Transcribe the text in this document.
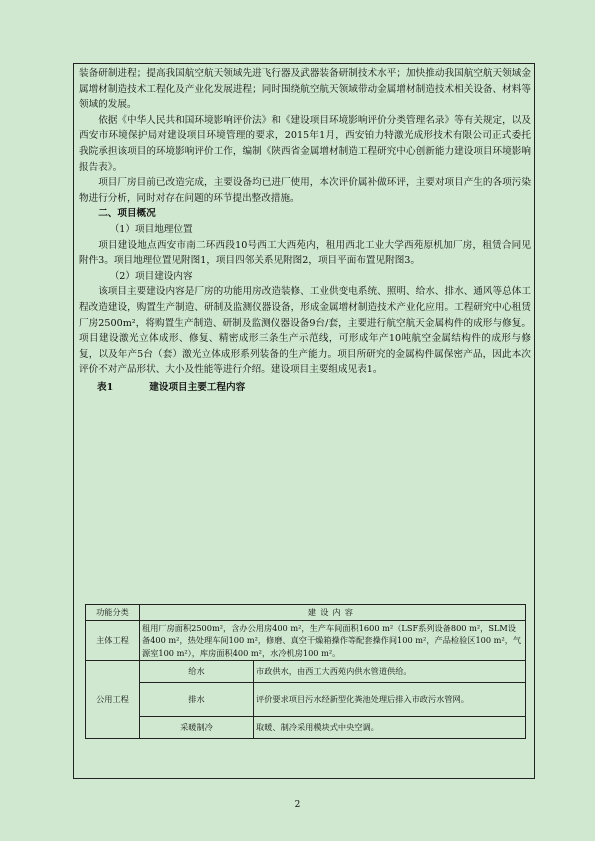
装备研制进程；提高我国航空航天领域先进飞行器及武器装备研制技术水平；加快推动我国航空航天领域金属增材制造技术工程化及产业化发展进程；同时围绕航空航天领域带动金属增材制造技术相关设备、材料等领域的发展。

依据《中华人民共和国环境影响评价法》和《建设项目环境影响评价分类管理名录》等有关规定，以及西安市环境保护局对建设项目环境管理的要求，2015年1月，西安铂力特激光成形技术有限公司正式委托我院承担该项目的环境影响评价工作，编制《陕西省金属增材制造工程研究中心创新能力建设项目环境影响报告表》。

项目厂房目前已改造完成，主要设备均已进厂使用，本次评价属补做环评，主要对项目产生的各项污染物进行分析，同时对存在问题的环节提出整改措施。

二、项目概况

（1）项目地理位置

项目建设地点西安市南二环西段10号西工大西苑内，租用西北工业大学西苑原机加厂房，租赁合同见附件3。项目地理位置见附图1，项目四邻关系见附图2，项目平面布置见附图3。

（2）项目建设内容

该项目主要建设内容是厂房的功能用房改造装修、工业供变电系统、照明、给水、排水、通风等总体工程改造建设，购置生产制造、研制及监测仪器设备，形成金属增材制造技术产业化应用。工程研究中心租赁厂房2500m²，将购置生产制造、研制及监测仪器设备9台/套，主要进行航空航天金属构件的成形与修复。项目建设激光立体成形、修复、精密成形三条生产示范线，可形成年产10吨航空金属结构件的成形与修复，以及年产5台（套）激光立体成形系列装备的生产能力。项目所研究的金属构件属保密产品，因此本次评价不对产品形状、大小及性能等进行介绍。建设项目主要组成见表1。

表1	建设项目主要工程内容

功能分类	建设内容	
主体工程	租用厂房面积2500m²，含办公用房400 m²，生产车间面积1600 m²（LSF系列设备800 m²，SLM设备400 m²，热处理车间100 m²，修磨、真空干燥箱操作等配套操作间100 m²，产品检验区100 m²，气源室100 m²），库房面积400 m²，水冷机房100 m²。	
公用工程	给水	市政供水，由西工大西苑内供水管道供给。
	排水	评价要求项目污水经新型化粪池处理后排入市政污水管网。
	采暖制冷	取暖、制冷采用模块式中央空调。
2
